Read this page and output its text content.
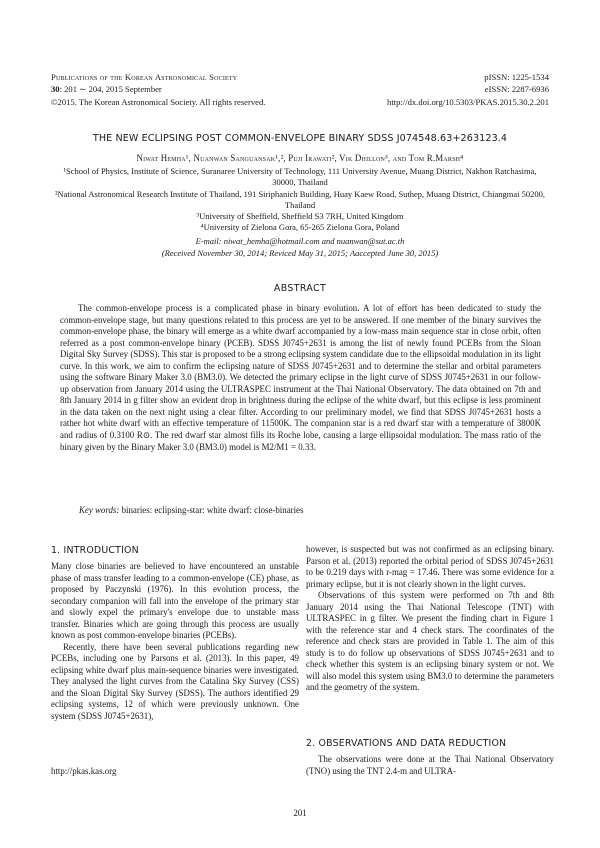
Publications of the Korean Astronomical Society
30: 201 ∼ 204, 2015 September
©2015. The Korean Astronomical Society. All rights reserved.
pISSN: 1225-1534
eISSN: 2287-6936
http://dx.doi.org/10.5303/PKAS.2015.30.2.201
THE NEW ECLIPSING POST COMMON-ENVELOPE BINARY SDSS J074548.63+263123.4
Niwat Hemha¹, Nuanwan Sanguansak¹,², Puji Irawati², Vik Dhillon³, and Tom R.Marsh⁴
¹School of Physics, Institute of Science, Suranaree University of Technology, 111 University Avenue, Muang District, Nakhon Ratchasima, 30000, Thailand
²National Astronomical Research Institute of Thailand, 191 Siriphanich Building, Huay Kaew Road, Suthep, Muang District, Chiangmai 50200, Thailand
³University of Sheffield, Sheffield S3 7RH, United Kingdom
⁴University of Zielona Gora, 65-265 Zielona Gora, Poland
E-mail: niwat_hemha@hotmail.com and nuanwan@sut.ac.th
(Received November 30, 2014; Reviced May 31, 2015; Aaccepted June 30, 2015)
ABSTRACT
The common-envelope process is a complicated phase in binary evolution. A lot of effort has been dedicated to study the common-envelope stage, but many questions related to this process are yet to be answered. If one member of the binary survives the common-envelope phase, the binary will emerge as a white dwarf accompanied by a low-mass main sequence star in close orbit, often referred as a post common-envelope binary (PCEB). SDSS J0745+2631 is among the list of newly found PCEBs from the Sloan Digital Sky Survey (SDSS). This star is proposed to be a strong eclipsing system candidate due to the ellipsoidal modulation in its light curve. In this work, we aim to confirm the eclipsing nature of SDSS J0745+2631 and to determine the stellar and orbital parameters using the software Binary Maker 3.0 (BM3.0). We detected the primary eclipse in the light curve of SDSS J0745+2631 in our follow-up observation from January 2014 using the ULTRASPEC instrument at the Thai National Observatory. The data obtained on 7th and 8th January 2014 in g filter show an evident drop in brightness during the eclipse of the white dwarf, but this eclipse is less prominent in the data taken on the next night using a clear filter. According to our preliminary model, we find that SDSS J0745+2631 hosts a rather hot white dwarf with an effective temperature of 11500K. The companion star is a red dwarf star with a temperature of 3800K and radius of 0.3100 R⊙. The red dwarf star almost fills its Roche lobe, causing a large ellipsoidal modulation. The mass ratio of the binary given by the Binary Maker 3.0 (BM3.0) model is M2/M1 = 0.33.
Key words: binaries: eclipsing-star: white dwarf: close-binaries
1. INTRODUCTION

Many close binaries are believed to have encountered an unstable phase of mass transfer leading to a common-envelope (CE) phase, as proposed by Paczynski (1976). In this evolution process, the secondary companion will fall into the envelope of the primary star and slowly expel the primary's envelope due to unstable mass transfer. Binaries which are going through this process are usually known as post common-envelope binaries (PCEBs).

Recently, there have been several publications regarding new PCEBs, including one by Parsons et al. (2013). In this paper, 49 eclipsing white dwarf plus main-sequence binaries were investigated. They analysed the light curves from the Catalina Sky Survey (CSS) and the Sloan Digital Sky Survey (SDSS). The authors identified 29 eclipsing systems, 12 of which were previously unknown. One system (SDSS J0745+2631),

however, is suspected but was not confirmed as an eclipsing binary. Parson et al. (2013) reported the orbital period of SDSS J0745+2631 to be 0.219 days with r-mag = 17.46. There was some evidence for a primary eclipse, but it is not clearly shown in the light curves.

Observations of this system were performed on 7th and 8th January 2014 using the Thai National Telescope (TNT) with ULTRASPEC in g filter. We present the finding chart in Figure 1 with the reference star and 4 check stars. The coordinates of the reference and check stars are provided in Table 1. The aim of this study is to do follow up observations of SDSS J0745+2631 and to check whether this system is an eclipsing binary system or not. We will also model this system using BM3.0 to determine the parameters and the geometry of the system.

2. OBSERVATIONS AND DATA REDUCTION

The observations were done at the Thai National Observatory (TNO) using the TNT 2.4-m and ULTRA-

http://pkas.kas.org
201
